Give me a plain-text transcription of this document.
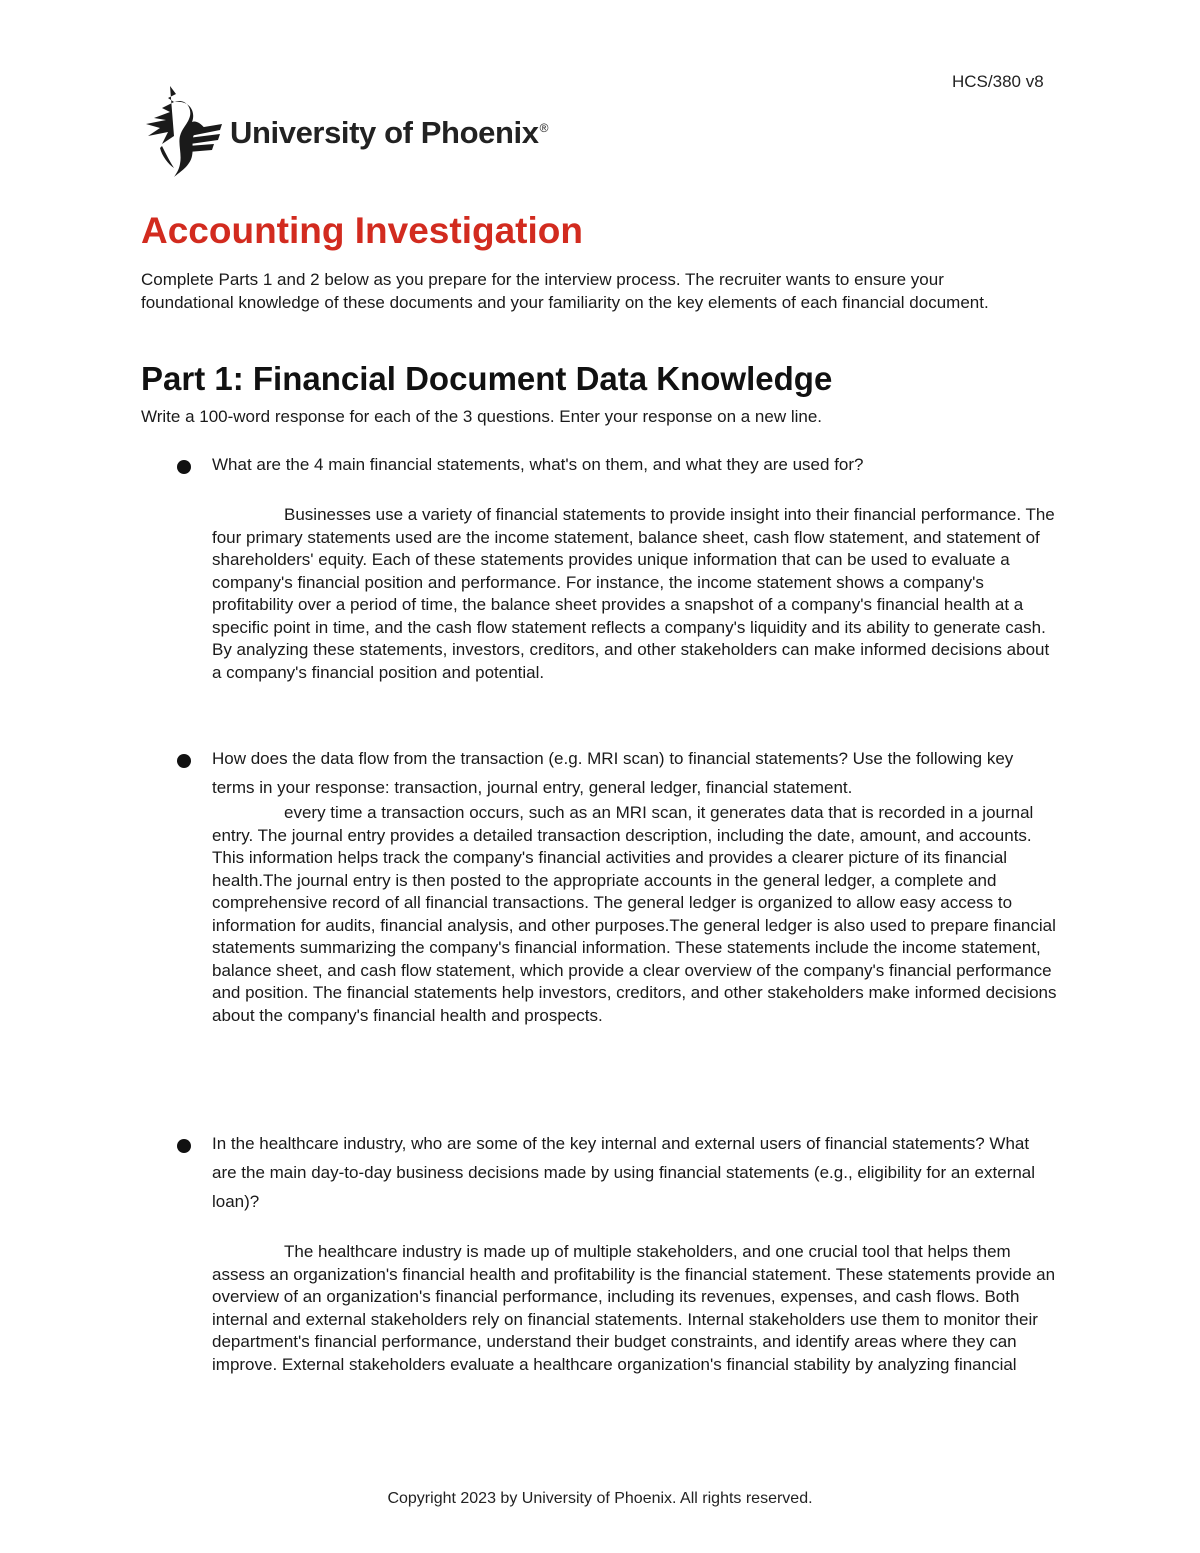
HCS/380 v8
University of Phoenix®
Accounting Investigation

Complete Parts 1 and 2 below as you prepare for the interview process. The recruiter wants to ensure your foundational knowledge of these documents and your familiarity on the key elements of each financial document.

Part 1: Financial Document Data Knowledge

Write a 100-word response for each of the 3 questions. Enter your response on a new line.

What are the 4 main financial statements, what's on them, and what they are used for?

Businesses use a variety of financial statements to provide insight into their financial performance. The four primary statements used are the income statement, balance sheet, cash flow statement, and statement of shareholders' equity. Each of these statements provides unique information that can be used to evaluate a company's financial position and performance. For instance, the income statement shows a company's profitability over a period of time, the balance sheet provides a snapshot of a company's financial health at a specific point in time, and the cash flow statement reflects a company's liquidity and its ability to generate cash. By analyzing these statements, investors, creditors, and other stakeholders can make informed decisions about a company's financial position and potential.

How does the data flow from the transaction (e.g. MRI scan) to financial statements? Use the following key terms in your response: transaction, journal entry, general ledger, financial statement.

every time a transaction occurs, such as an MRI scan, it generates data that is recorded in a journal entry. The journal entry provides a detailed transaction description, including the date, amount, and accounts. This information helps track the company's financial activities and provides a clearer picture of its financial health.The journal entry is then posted to the appropriate accounts in the general ledger, a complete and comprehensive record of all financial transactions. The general ledger is organized to allow easy access to information for audits, financial analysis, and other purposes.The general ledger is also used to prepare financial statements summarizing the company's financial information. These statements include the income statement, balance sheet, and cash flow statement, which provide a clear overview of the company's financial performance and position. The financial statements help investors, creditors, and other stakeholders make informed decisions about the company's financial health and prospects.

In the healthcare industry, who are some of the key internal and external users of financial statements? What are the main day-to-day business decisions made by using financial statements (e.g., eligibility for an external loan)?

The healthcare industry is made up of multiple stakeholders, and one crucial tool that helps them assess an organization's financial health and profitability is the financial statement. These statements provide an overview of an organization's financial performance, including its revenues, expenses, and cash flows. Both internal and external stakeholders rely on financial statements. Internal stakeholders use them to monitor their department's financial performance, understand their budget constraints, and identify areas where they can improve. External stakeholders evaluate a healthcare organization's financial stability by analyzing financial

Copyright 2023 by University of Phoenix. All rights reserved.
